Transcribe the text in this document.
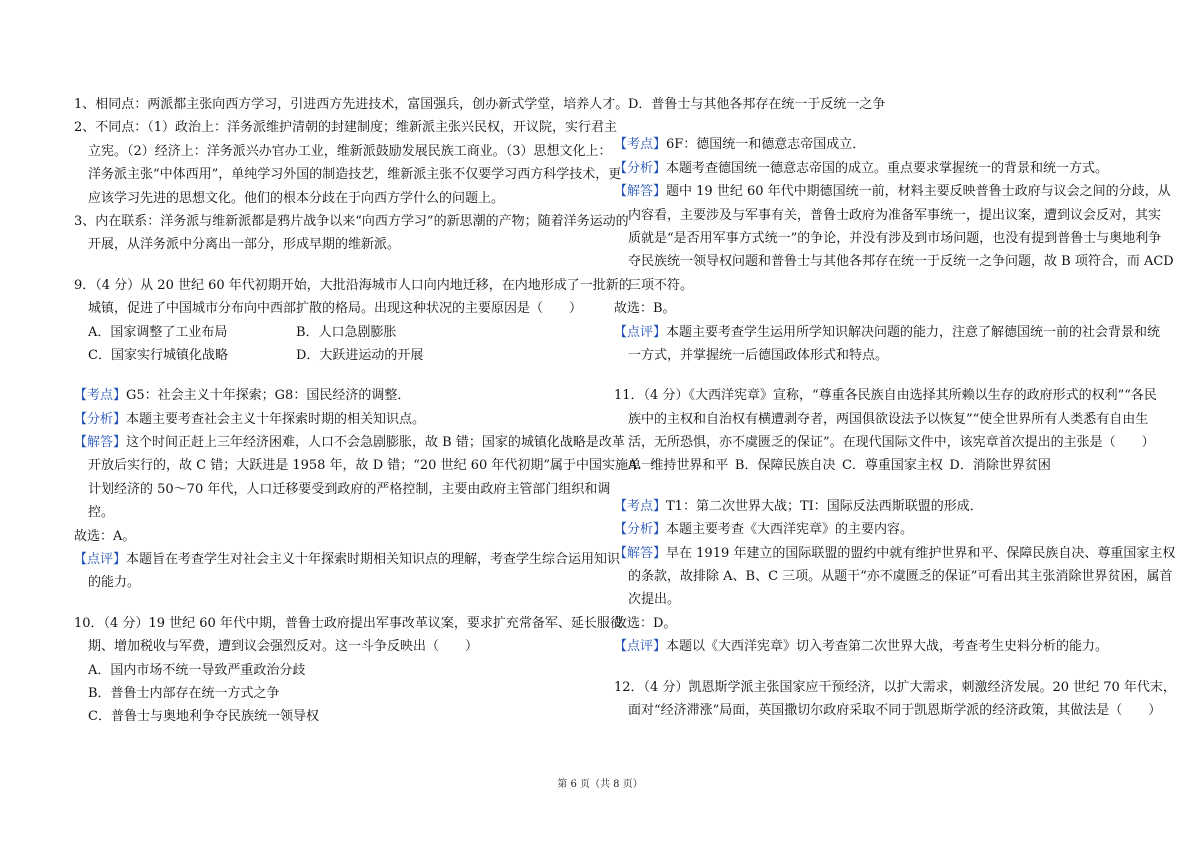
1、相同点：两派都主张向西方学习，引进西方先进技术，富国强兵，创办新式学堂，培养人才。
2、不同点：（1）政治上：洋务派维护清朝的封建制度；维新派主张兴民权，开议院，实行君主
立宪。（2）经济上：洋务派兴办官办工业，维新派鼓励发展民族工商业。（3）思想文化上：
洋务派主张“中体西用”，单纯学习外国的制造技艺，维新派主张不仅要学习西方科学技术，更
应该学习先进的思想文化。他们的根本分歧在于向西方学什么的问题上。
3、内在联系：洋务派与维新派都是鸦片战争以来“向西方学习”的新思潮的产物；随着洋务运动的
开展，从洋务派中分离出一部分，形成早期的维新派。
9．（4 分）从 20 世纪 60 年代初期开始，大批沿海城市人口向内地迁移，在内地形成了一批新的
城镇，促进了中国城市分布向中西部扩散的格局。出现这种状况的主要原因是（　　）
A．国家调整了工业布局	B．人口急剧膨胀
C．国家实行城镇化战略	D．大跃进运动的开展
【考点】G5：社会主义十年探索；G8：国民经济的调整．
【分析】本题主要考查社会主义十年探索时期的相关知识点。
【解答】这个时间正赶上三年经济困难，人口不会急剧膨胀，故 B 错；国家的城镇化战略是改革
开放后实行的，故 C 错；大跃进是 1958 年，故 D 错；“20 世纪 60 年代初期”属于中国实施单一
计划经济的 50～70 年代，人口迁移要受到政府的严格控制，主要由政府主管部门组织和调
控。
故选：A。
【点评】本题旨在考查学生对社会主义十年探索时期相关知识点的理解，考查学生综合运用知识
的能力。
10．（4 分）19 世纪 60 年代中期，普鲁士政府提出军事改革议案，要求扩充常备军、延长服役
期、增加税收与军费，遭到议会强烈反对。这一斗争反映出（　　）
A．国内市场不统一导致严重政治分歧
B．普鲁士内部存在统一方式之争
C．普鲁士与奥地利争夺民族统一领导权
D．普鲁士与其他各邦存在统一于反统一之争
【考点】6F：德国统一和德意志帝国成立．
【分析】本题考查德国统一德意志帝国的成立。重点要求掌握统一的背景和统一方式。
【解答】题中 19 世纪 60 年代中期德国统一前，材料主要反映普鲁士政府与议会之间的分歧，从
内容看，主要涉及与军事有关，普鲁士政府为准备军事统一，提出议案，遭到议会反对，其实
质就是“是否用军事方式统一”的争论，并没有涉及到市场问题，也没有提到普鲁士与奥地利争
夺民族统一领导权问题和普鲁士与其他各邦存在统一于反统一之争问题，故 B 项符合，而 ACD
三项不符。
故选：B。
【点评】本题主要考查学生运用所学知识解决问题的能力，注意了解德国统一前的社会背景和统
一方式，并掌握统一后德国政体形式和特点。
11．（4 分）《大西洋宪章》宣称，“尊重各民族自由选择其所赖以生存的政府形式的权利”“各民
族中的主权和自治权有横遭剥夺者，两国俱欲设法予以恢复”“使全世界所有人类悉有自由生
活，无所恐惧，亦不虞匮乏的保证”。在现代国际文件中，该宪章首次提出的主张是（　　）
A．维持世界和平  B．保障民族自决  C．尊重国家主权  D．消除世界贫困
【考点】T1：第二次世界大战；TI：国际反法西斯联盟的形成．
【分析】本题主要考查《大西洋宪章》的主要内容。
【解答】早在 1919 年建立的国际联盟的盟约中就有维护世界和平、保障民族自决、尊重国家主权
的条款，故排除 A、B、C 三项。从题干“亦不虞匮乏的保证”可看出其主张消除世界贫困，属首
次提出。
故选：D。
【点评】本题以《大西洋宪章》切入考查第二次世界大战，考查考生史料分析的能力。
12．（4 分）凯恩斯学派主张国家应干预经济，以扩大需求，刺激经济发展。20 世纪 70 年代末，
面对“经济滞涨”局面，英国撒切尔政府采取不同于凯恩斯学派的经济政策，其做法是（　　）
第 6 页（共 8 页）
